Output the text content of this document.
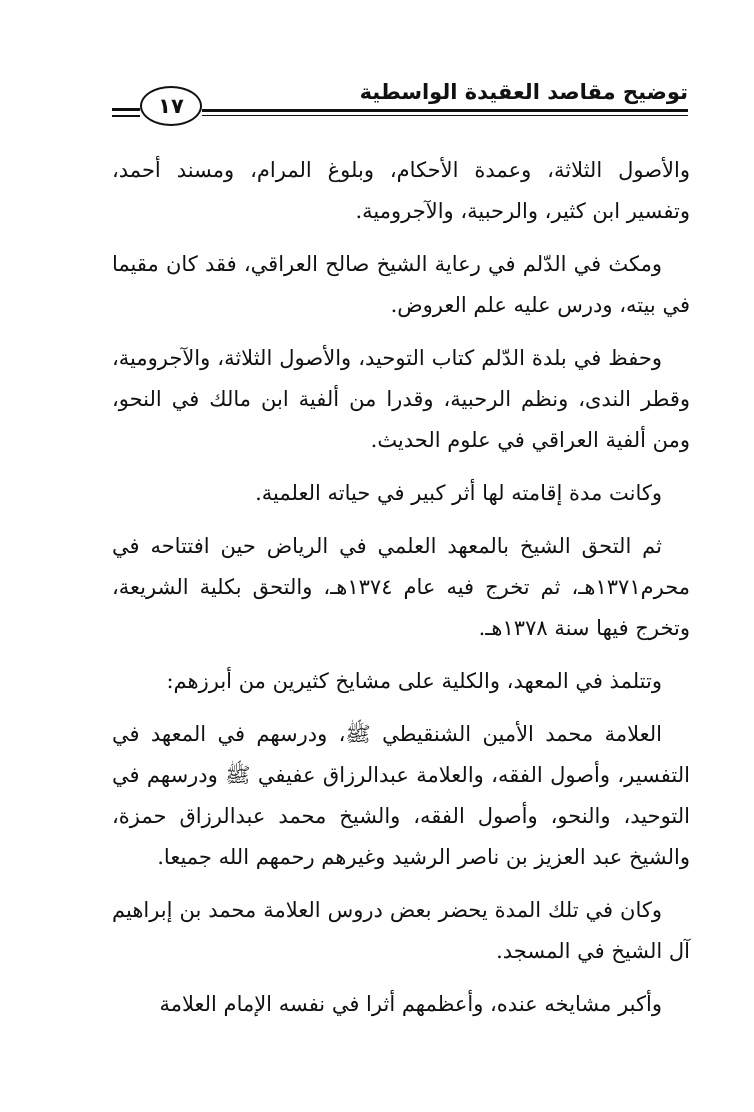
توضيح مقاصد العقيدة الواسطية
١٧

والأصول الثلاثة، وعمدة الأحكام، وبلوغ المرام، ومسند أحمد، وتفسير ابن كثير، والرحبية، والآجرومية.

ومكث في الدّلم في رعاية الشيخ صالح العراقي، فقد كان مقيما في بيته، ودرس عليه علم العروض.

وحفظ في بلدة الدّلم كتاب التوحيد، والأصول الثلاثة، والآجرومية، وقطر الندى، ونظم الرحبية، وقدرا من ألفية ابن مالك في النحو، ومن ألفية العراقي في علوم الحديث.

وكانت مدة إقامته لها أثر كبير في حياته العلمية.

ثم التحق الشيخ بالمعهد العلمي في الرياض حين افتتاحه في محرم١٣٧١هـ، ثم تخرج فيه عام ١٣٧٤هـ، والتحق بكلية الشريعة، وتخرج فيها سنة ١٣٧٨هـ.

وتتلمذ في المعهد، والكلية على مشايخ كثيرين من أبرزهم:

العلامة محمد الأمين الشنقيطي ﷺ، ودرسهم في المعهد في التفسير، وأصول الفقه، والعلامة عبدالرزاق عفيفي ﷺ ودرسهم في التوحيد، والنحو، وأصول الفقه، والشيخ محمد عبدالرزاق حمزة، والشيخ عبد العزيز بن ناصر الرشيد وغيرهم رحمهم الله جميعا.

وكان في تلك المدة يحضر بعض دروس العلامة محمد بن إبراهيم آل الشيخ في المسجد.

وأكبر مشايخه عنده، وأعظمهم أثرا في نفسه الإمام العلامة
